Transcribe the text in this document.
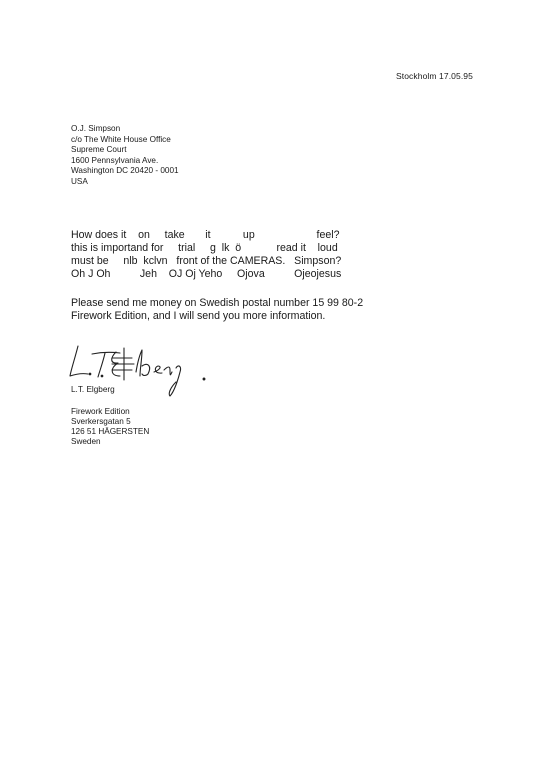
Stockholm 17.05.95
O.J. Simpson
c/o The White House Office
Supreme Court
1600 Pennsylvania Ave.
Washington DC 20420 - 0001
USA
How does it    on     take       it           up                     feel?
this is importand for     trial     g  lk  ö            read it    loud
must be     nlb  kclvn   front of the CAMERAS.   Simpson?
Oh J Oh          Jeh    OJ Oj Yeho     Ojova          Ojeojesus
Please send me money on Swedish postal number 15 99 80-2
Firework Edition, and I will send you more information.
L.T. Elgberg
Firework Edition
Sverkersgatan 5
126 51 HÄGERSTEN
Sweden
